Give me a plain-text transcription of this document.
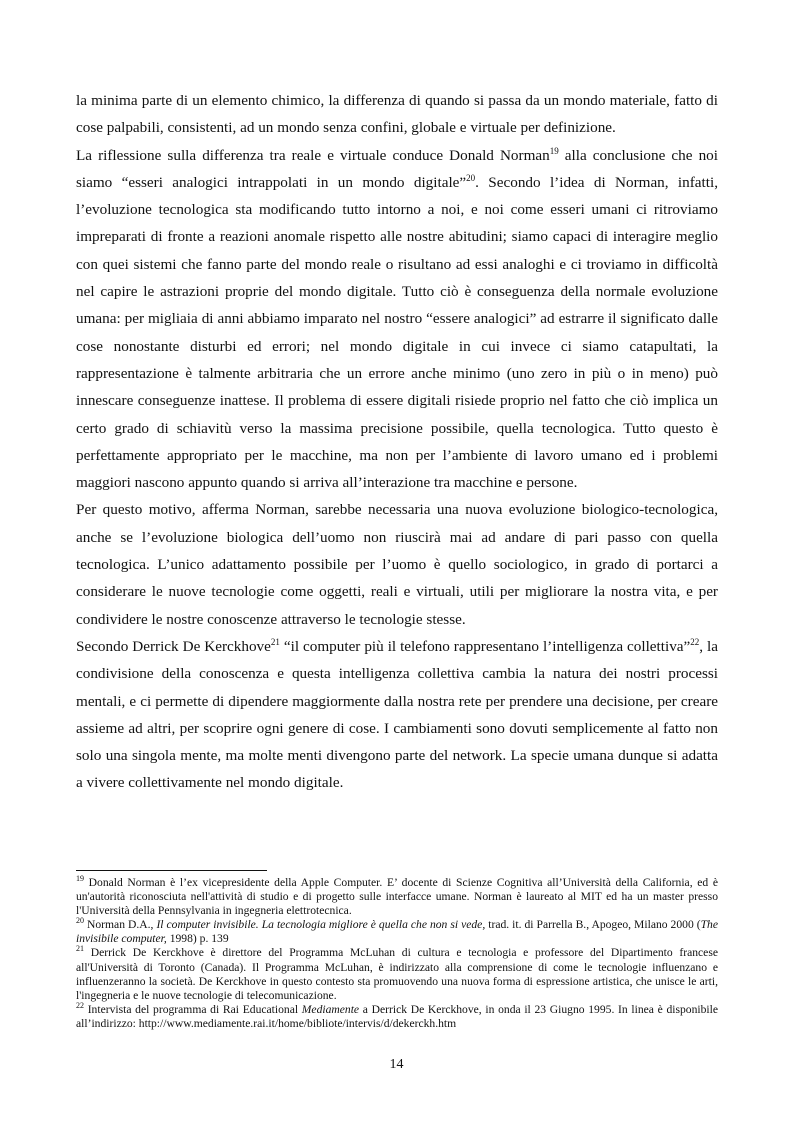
la minima parte di un elemento chimico, la differenza di quando si passa da un mondo materiale, fatto di cose palpabili, consistenti, ad un mondo senza confini, globale e virtuale per definizione.

La riflessione sulla differenza tra reale e virtuale conduce Donald Norman$^{19}$ alla conclusione che noi siamo “esseri analogici intrappolati in un mondo digitale”$^{20}$. Secondo l’idea di Norman, infatti, l’evoluzione tecnologica sta modificando tutto intorno a noi, e noi come esseri umani ci ritroviamo impreparati di fronte a reazioni anomale rispetto alle nostre abitudini; siamo capaci di interagire meglio con quei sistemi che fanno parte del mondo reale o risultano ad essi analoghi e ci troviamo in difficoltà nel capire le astrazioni proprie del mondo digitale. Tutto ciò è conseguenza della normale evoluzione umana: per migliaia di anni abbiamo imparato nel nostro “essere analogici” ad estrarre il significato dalle cose nonostante disturbi ed errori; nel mondo digitale in cui invece ci siamo catapultati, la rappresentazione è talmente arbitraria che un errore anche minimo (uno zero in più o in meno) può innescare conseguenze inattese. Il problema di essere digitali risiede proprio nel fatto che ciò implica un certo grado di schiavitù verso la massima precisione possibile, quella tecnologica. Tutto questo è perfettamente appropriato per le macchine, ma non per l’ambiente di lavoro umano ed i problemi maggiori nascono appunto quando si arriva all’interazione tra macchine e persone.

Per questo motivo, afferma Norman, sarebbe necessaria una nuova evoluzione biologico-tecnologica, anche se l’evoluzione biologica dell’uomo non riuscirà mai ad andare di pari passo con quella tecnologica. L’unico adattamento possibile per l’uomo è quello sociologico, in grado di portarci a considerare le nuove tecnologie come oggetti, reali e virtuali, utili per migliorare la nostra vita, e per condividere le nostre conoscenze attraverso le tecnologie stesse.

Secondo Derrick De Kerckhove$^{21}$ “il computer più il telefono rappresentano l’intelligenza collettiva”$^{22}$, la condivisione della conoscenza e questa intelligenza collettiva cambia la natura dei nostri processi mentali, e ci permette di dipendere maggiormente dalla nostra rete per prendere una decisione, per creare assieme ad altri, per scoprire ogni genere di cose. I cambiamenti sono dovuti semplicemente al fatto non solo una singola mente, ma molte menti divengono parte del network. La specie umana dunque si adatta a vivere collettivamente nel mondo digitale.

$^{19}$ Donald Norman è l’ex vicepresidente della Apple Computer. E’ docente di Scienze Cognitiva all’Università della California, ed è un'autorità riconosciuta nell'attività di studio e di progetto sulle interfacce umane. Norman è laureato al MIT ed ha un master presso l'Università della Pennsylvania in ingegneria elettrotecnica.

$^{20}$ Norman D.A., Il computer invisibile. La tecnologia migliore è quella che non si vede, trad. it. di Parrella B., Apogeo, Milano 2000 (The invisibile computer, 1998) p. 139

$^{21}$ Derrick De Kerckhove è direttore del Programma McLuhan di cultura e tecnologia e professore del Dipartimento francese all'Università di Toronto (Canada). Il Programma McLuhan, è indirizzato alla comprensione di come le tecnologie influenzano e influenzeranno la società. De Kerckhove in questo contesto sta promuovendo una nuova forma di espressione artistica, che unisce le arti, l'ingegneria e le nuove tecnologie di telecomunicazione.

$^{22}$ Intervista del programma di Rai Educational Mediamente a Derrick De Kerckhove, in onda il 23 Giugno 1995. In linea è disponibile all’indirizzo: http://www.mediamente.rai.it/home/bibliote/intervis/d/dekerckh.htm

14
